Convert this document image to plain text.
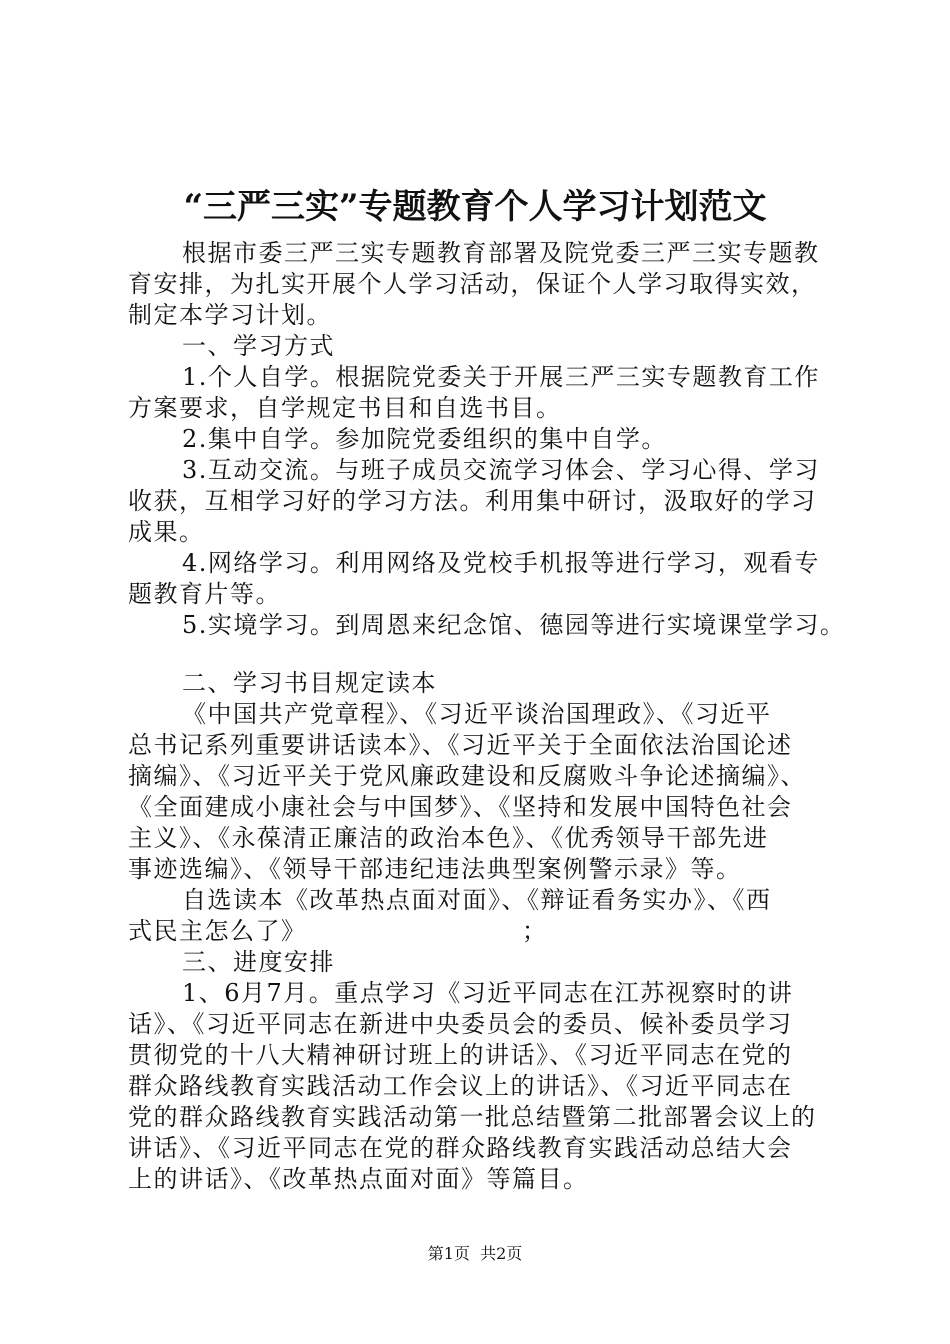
“三严三实”专题教育个人学习计划范文
根据市委三严三实专题教育部署及院党委三严三实专题教
育安排，为扎实开展个人学习活动，保证个人学习取得实效，
制定本学习计划。
一、学习方式
1.个人自学。根据院党委关于开展三严三实专题教育工作
方案要求，自学规定书目和自选书目。
2.集中自学。参加院党委组织的集中自学。
3.互动交流。与班子成员交流学习体会、学习心得、学习
收获，互相学习好的学习方法。利用集中研讨，汲取好的学习
成果。
4.网络学习。利用网络及党校手机报等进行学习，观看专
题教育片等。
5.实境学习。到周恩来纪念馆、德园等进行实境课堂学习。
二、学习书目规定读本
《中国共产党章程》、《习近平谈治国理政》、《习近平
总书记系列重要讲话读本》、《习近平关于全面依法治国论述
摘编》、《习近平关于党风廉政建设和反腐败斗争论述摘编》、
《全面建成小康社会与中国梦》、《坚持和发展中国特色社会
主义》、《永葆清正廉洁的政治本色》、《优秀领导干部先进
事迹选编》、《领导干部违纪违法典型案例警示录》等。
自选读本《改革热点面对面》、《辩证看务实办》、《西
式民主怎么了》	；
三、进度安排
1、6月7月。重点学习《习近平同志在江苏视察时的讲
话》、《习近平同志在新进中央委员会的委员、候补委员学习
贯彻党的十八大精神研讨班上的讲话》、《习近平同志在党的
群众路线教育实践活动工作会议上的讲话》、《习近平同志在
党的群众路线教育实践活动第一批总结暨第二批部署会议上的
讲话》、《习近平同志在党的群众路线教育实践活动总结大会
上的讲话》、《改革热点面对面》等篇目。
第1页  共2页
